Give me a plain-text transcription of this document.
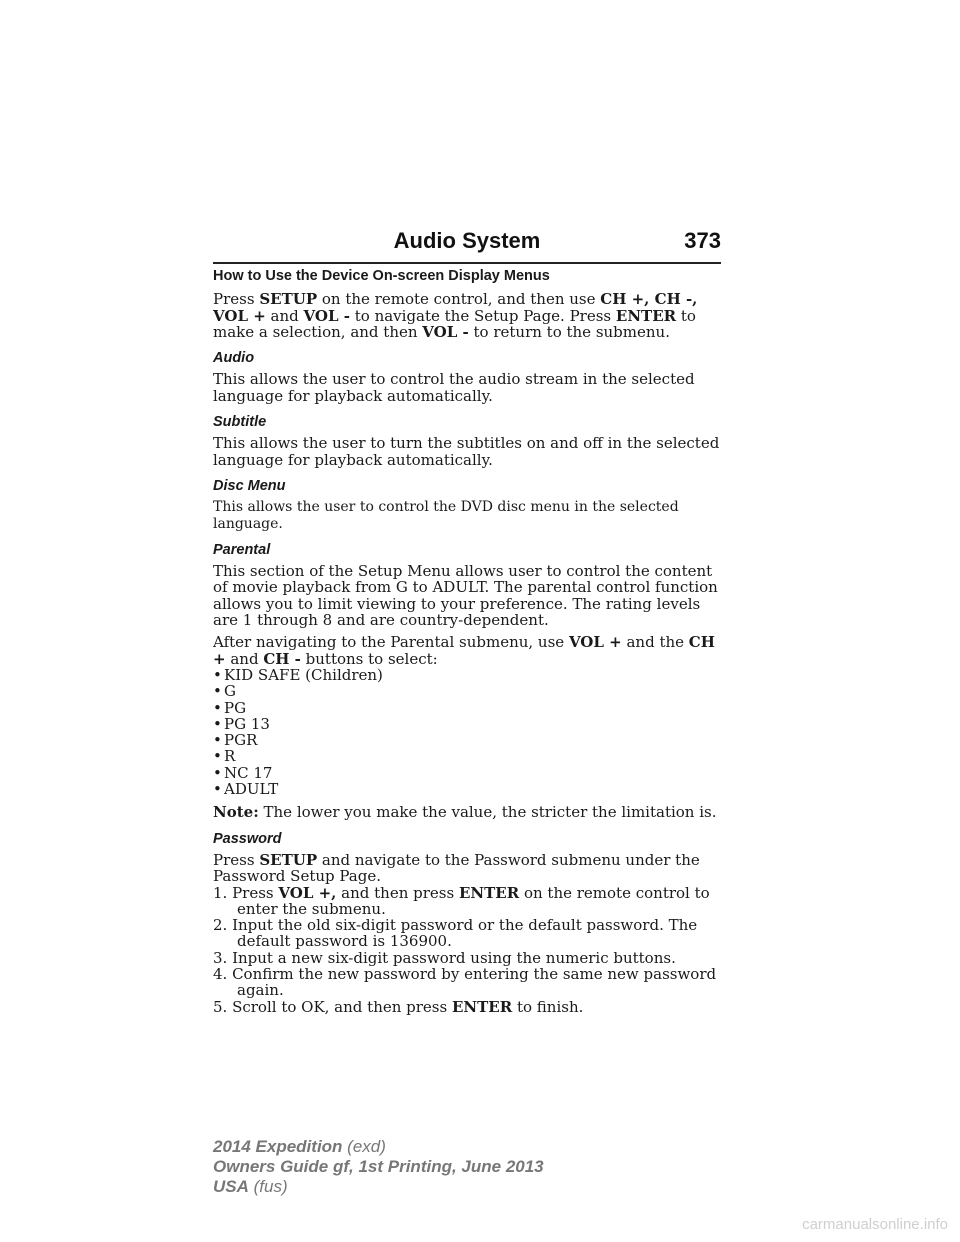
Audio System	373
How to Use the Device On-screen Display Menus

Press SETUP on the remote control, and then use CH +, CH -, VOL + and VOL - to navigate the Setup Page. Press ENTER to make a selection, and then VOL - to return to the submenu.

Audio

This allows the user to control the audio stream in the selected language for playback automatically.

Subtitle

This allows the user to turn the subtitles on and off in the selected language for playback automatically.

Disc Menu

This allows the user to control the DVD disc menu in the selected language.

Parental

This section of the Setup Menu allows user to control the content of movie playback from G to ADULT. The parental control function allows you to limit viewing to your preference. The rating levels are 1 through 8 and are country-dependent.

After navigating to the Parental submenu, use VOL + and the CH + and CH - buttons to select:

• KID SAFE (Children)
• G
• PG
• PG 13
• PGR
• R
• NC 17
• ADULT

Note: The lower you make the value, the stricter the limitation is.

Password

Press SETUP and navigate to the Password submenu under the Password Setup Page.

1. Press VOL +, and then press ENTER on the remote control to enter the submenu.
2. Input the old six-digit password or the default password. The default password is 136900.
3. Input a new six-digit password using the numeric buttons.
4. Confirm the new password by entering the same new password again.
5. Scroll to OK, and then press ENTER to finish.
2014 Expedition (exd)
Owners Guide gf, 1st Printing, June 2013
USA (fus)
carmanualsonline.info
